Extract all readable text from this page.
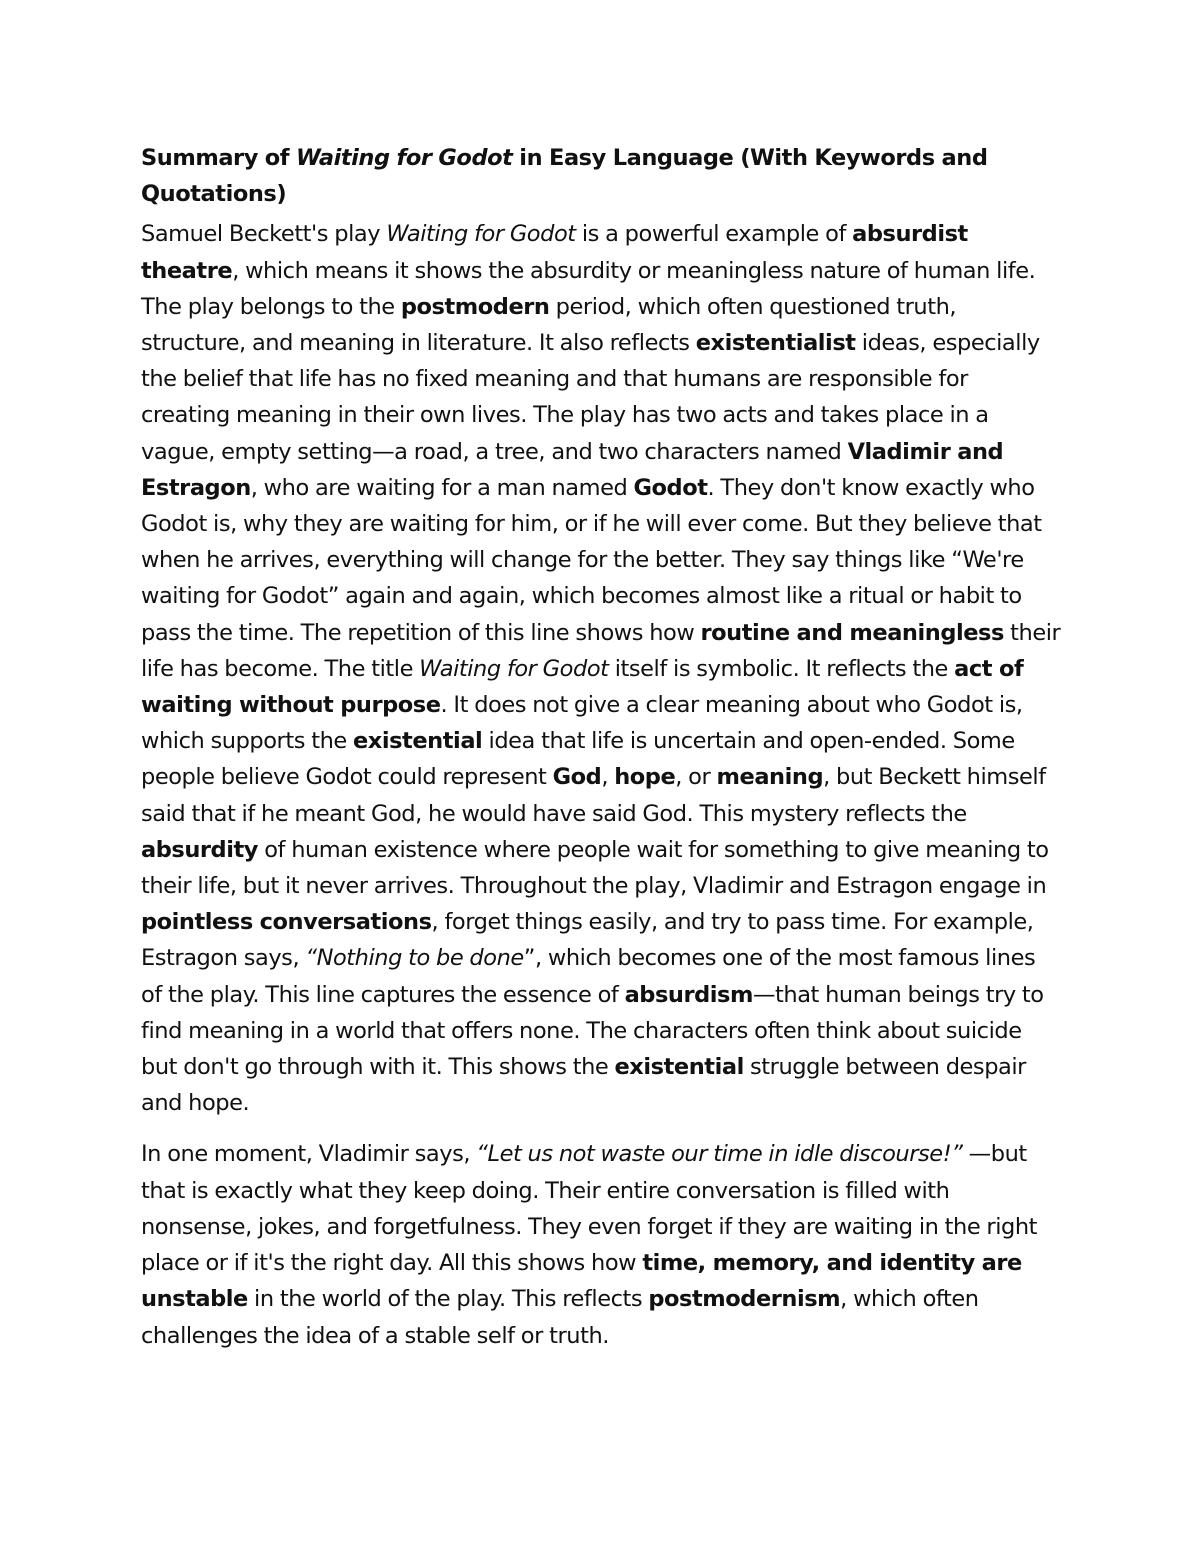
Summary of Waiting for Godot in Easy Language (With Keywords and Quotations)

Samuel Beckett's play Waiting for Godot is a powerful example of absurdist theatre, which means it shows the absurdity or meaningless nature of human life. The play belongs to the postmodern period, which often questioned truth, structure, and meaning in literature. It also reflects existentialist ideas, especially the belief that life has no fixed meaning and that humans are responsible for creating meaning in their own lives. The play has two acts and takes place in a vague, empty setting—a road, a tree, and two characters named Vladimir and Estragon, who are waiting for a man named Godot. They don't know exactly who Godot is, why they are waiting for him, or if he will ever come. But they believe that when he arrives, everything will change for the better. They say things like “We're waiting for Godot” again and again, which becomes almost like a ritual or habit to pass the time. The repetition of this line shows how routine and meaningless their life has become. The title Waiting for Godot itself is symbolic. It reflects the act of waiting without purpose. It does not give a clear meaning about who Godot is, which supports the existential idea that life is uncertain and open-ended. Some people believe Godot could represent God, hope, or meaning, but Beckett himself said that if he meant God, he would have said God. This mystery reflects the absurdity of human existence where people wait for something to give meaning to their life, but it never arrives. Throughout the play, Vladimir and Estragon engage in pointless conversations, forget things easily, and try to pass time. For example, Estragon says, “Nothing to be done”, which becomes one of the most famous lines of the play. This line captures the essence of absurdism—that human beings try to find meaning in a world that offers none. The characters often think about suicide but don't go through with it. This shows the existential struggle between despair and hope.

In one moment, Vladimir says, “Let us not waste our time in idle discourse!” —but that is exactly what they keep doing. Their entire conversation is filled with nonsense, jokes, and forgetfulness. They even forget if they are waiting in the right place or if it's the right day. All this shows how time, memory, and identity are unstable in the world of the play. This reflects postmodernism, which often challenges the idea of a stable self or truth.
